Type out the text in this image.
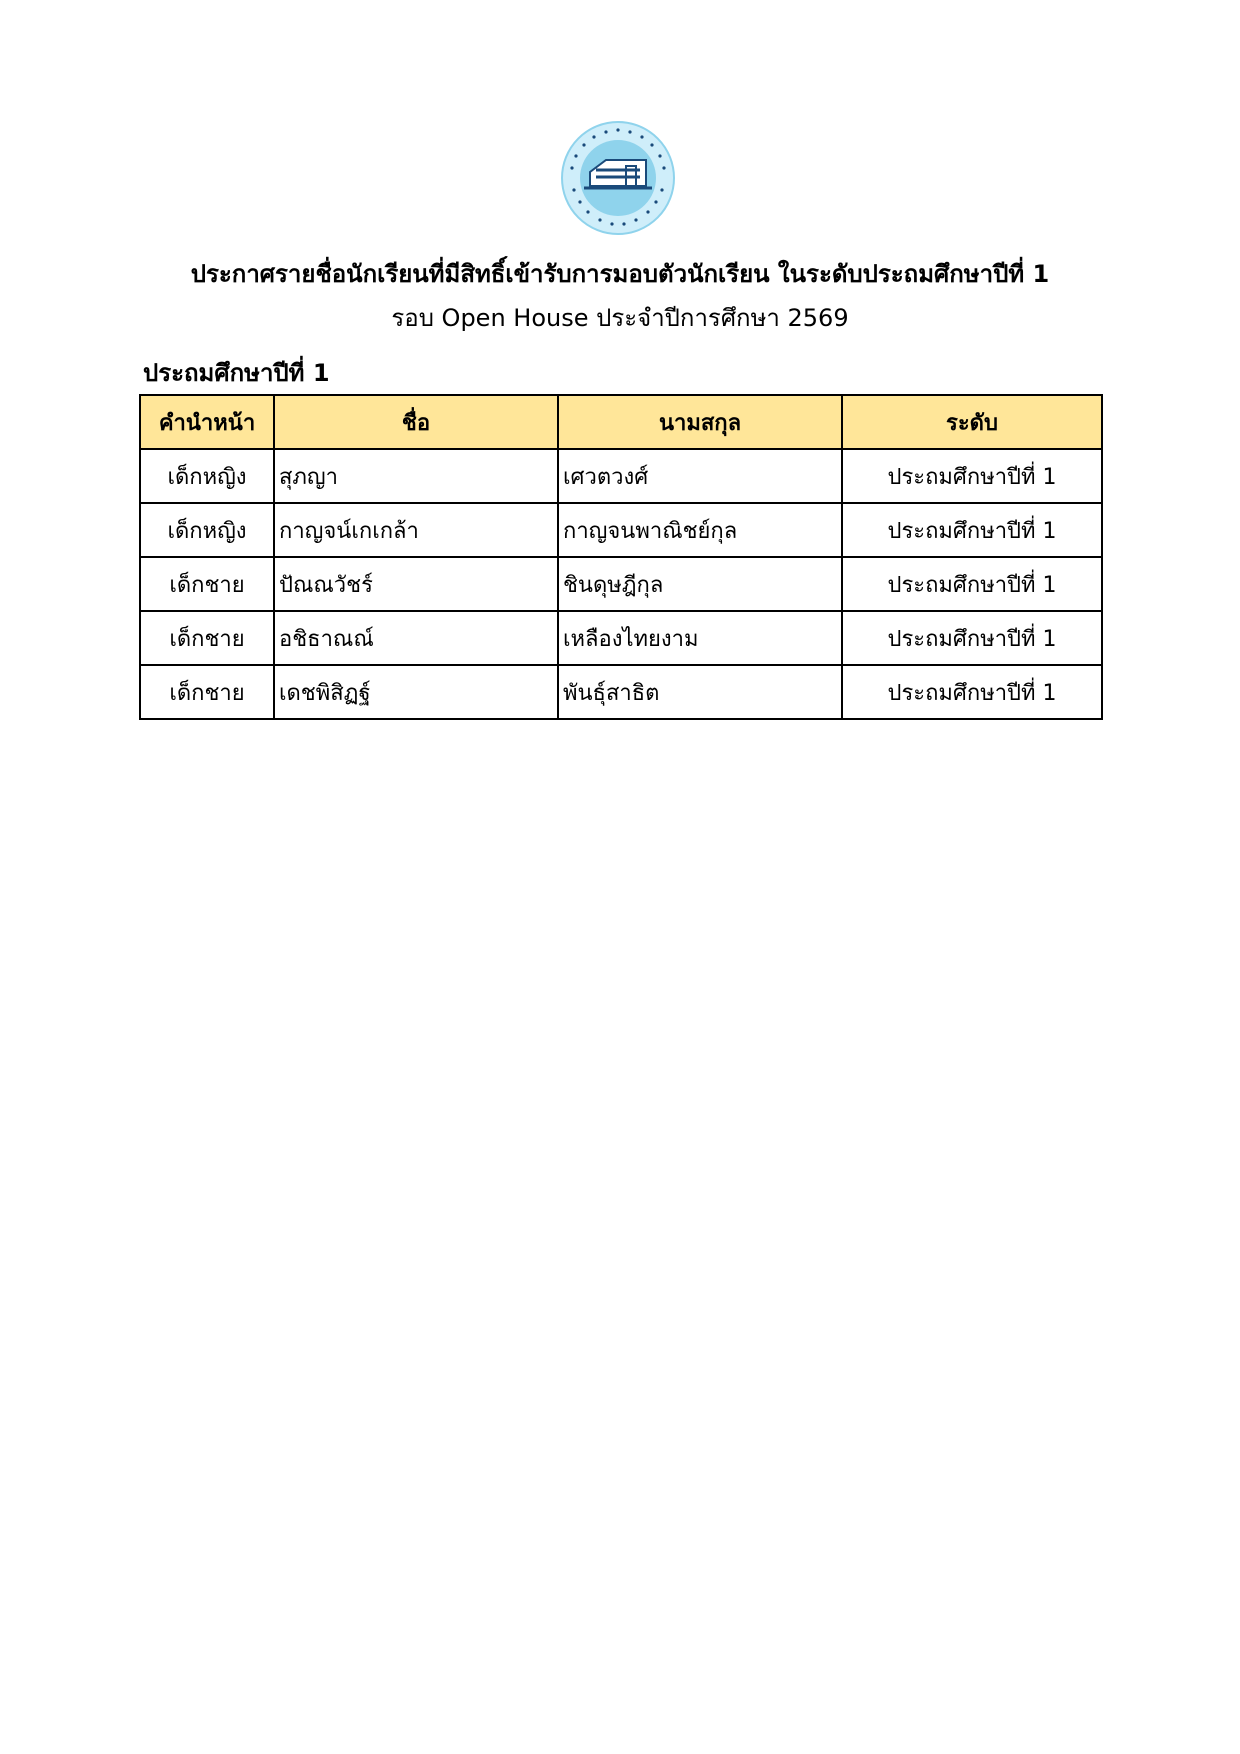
ประกาศรายชื่อนักเรียนที่มีสิทธิ์เข้ารับการมอบตัวนักเรียน ในระดับประถมศึกษาปีที่ 1
รอบ Open House ประจำปีการศึกษา 2569
ประถมศึกษาปีที่ 1
คำนำหน้า	ชื่อ	นามสกุล	ระดับ
เด็กหญิง	สุภญา	เศวตวงศ์	ประถมศึกษาปีที่ 1
เด็กหญิง	กาญจน์เกเกล้า	กาญจนพาณิชย์กุล	ประถมศึกษาปีที่ 1
เด็กชาย	ปัณณวัชร์	ชินดุษฎีกุล	ประถมศึกษาปีที่ 1
เด็กชาย	อชิธาณณ์	เหลืองไทยงาม	ประถมศึกษาปีที่ 1
เด็กชาย	เดชพิสิฏฐ์	พันธุ์สาธิต	ประถมศึกษาปีที่ 1
